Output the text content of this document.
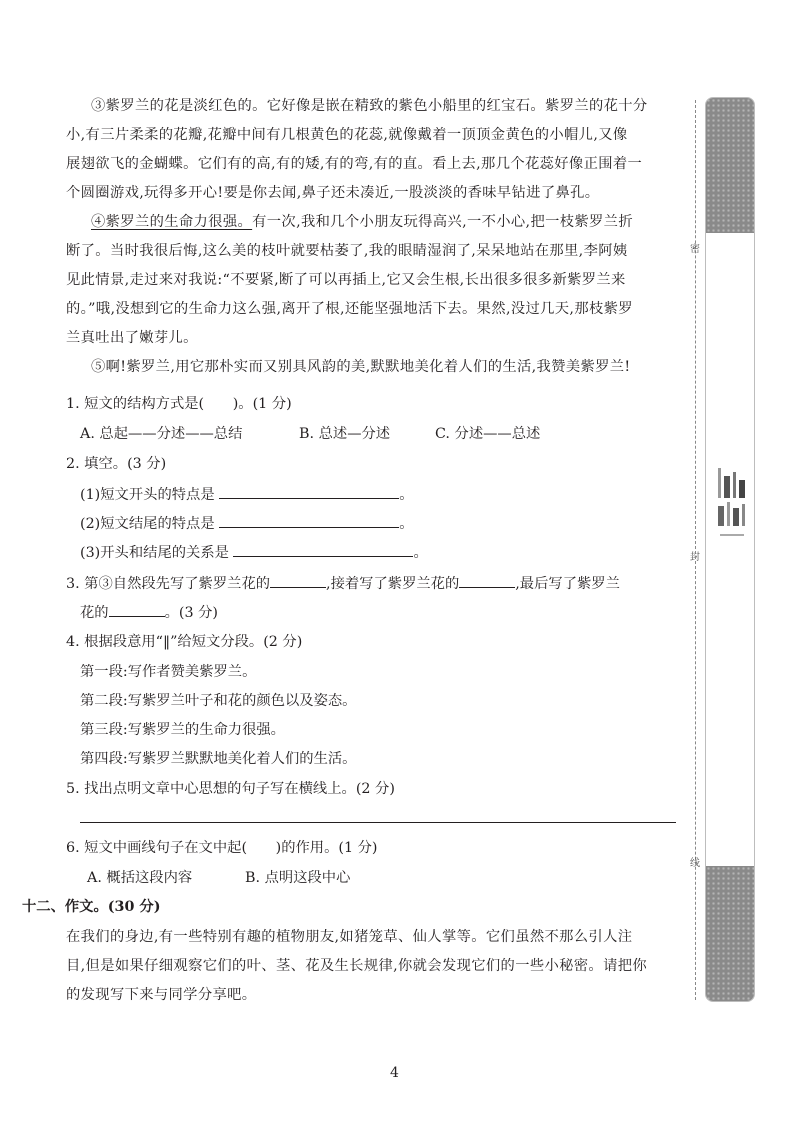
③紫罗兰的花是淡红色的。它好像是嵌在精致的紫色小船里的红宝石。紫罗兰的花十分
小,有三片柔柔的花瓣,花瓣中间有几根黄色的花蕊,就像戴着一顶顶金黄色的小帽儿,又像
展翅欲飞的金蝴蝶。它们有的高,有的矮,有的弯,有的直。看上去,那几个花蕊好像正围着一
个圆圈游戏,玩得多开心!要是你去闻,鼻子还未凑近,一股淡淡的香味早钻进了鼻孔。
④紫罗兰的生命力很强。有一次,我和几个小朋友玩得高兴,一不小心,把一枝紫罗兰折
断了。当时我很后悔,这么美的枝叶就要枯萎了,我的眼睛湿润了,呆呆地站在那里,李阿姨
见此情景,走过来对我说:“不要紧,断了可以再插上,它又会生根,长出很多很多新紫罗兰来
的。”哦,没想到它的生命力这么强,离开了根,还能坚强地活下去。果然,没过几天,那枝紫罗
兰真吐出了嫩芽儿。
⑤啊!紫罗兰,用它那朴实而又别具风韵的美,默默地美化着人们的生活,我赞美紫罗兰!
1. 短文的结构方式是(　　)。(1 分)
A. 总起——分述——总结	B. 总述—分述	C. 分述——总述
2. 填空。(3 分)
(1)短文开头的特点是	。
(2)短文结尾的特点是	。
(3)开头和结尾的关系是	。
3. 第③自然段先写了紫罗兰花的	,接着写了紫罗兰花的	,最后写了紫罗兰
花的	。(3 分)
4. 根据段意用“‖”给短文分段。(2 分)
第一段:写作者赞美紫罗兰。
第二段:写紫罗兰叶子和花的颜色以及姿态。
第三段:写紫罗兰的生命力很强。
第四段:写紫罗兰默默地美化着人们的生活。
5. 找出点明文章中心思想的句子写在横线上。(2 分)
6. 短文中画线句子在文中起(　　)的作用。(1 分)
A. 概括这段内容	B. 点明这段中心
十二、作文。(30 分)
在我们的身边,有一些特别有趣的植物朋友,如猪笼草、仙人掌等。它们虽然不那么引人注
目,但是如果仔细观察它们的叶、茎、花及生长规律,你就会发现它们的一些小秘密。请把你
的发现写下来与同学分享吧。
密
封
线
4
